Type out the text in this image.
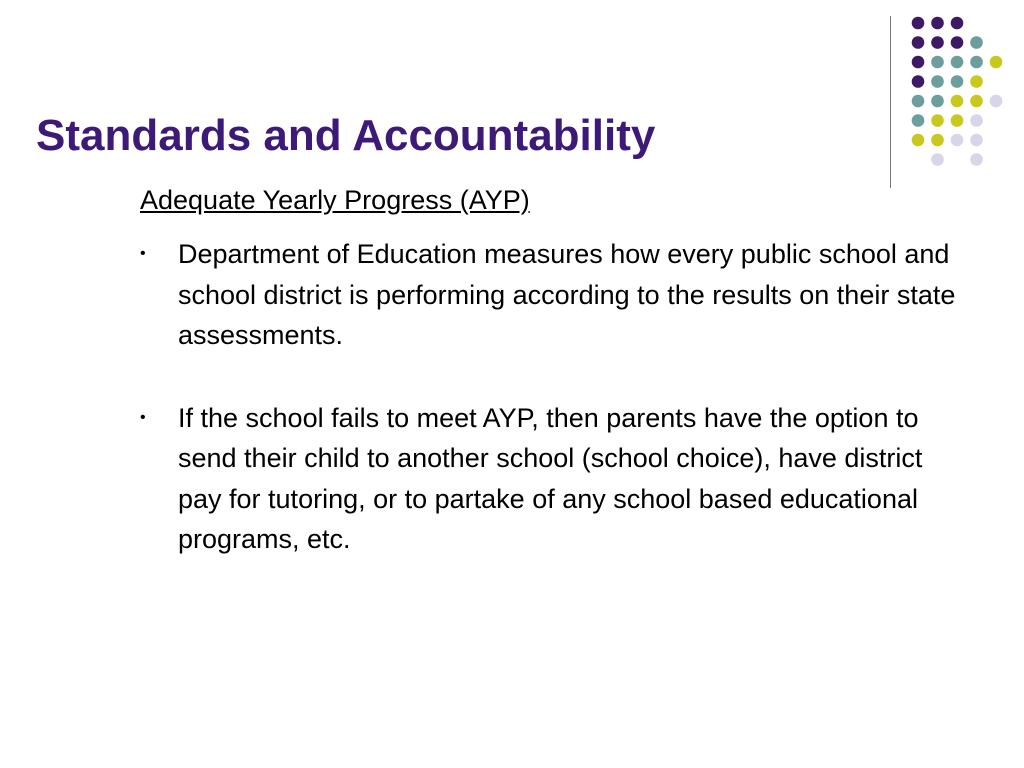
Standards and Accountability
Adequate Yearly Progress (AYP)
• Department of Education measures how every public school and school district is performing according to the results on their state assessments.
• If the school fails to meet AYP, then parents have the option to send their child to another school (school choice), have district pay for tutoring, or to partake of any school based educational programs, etc.
